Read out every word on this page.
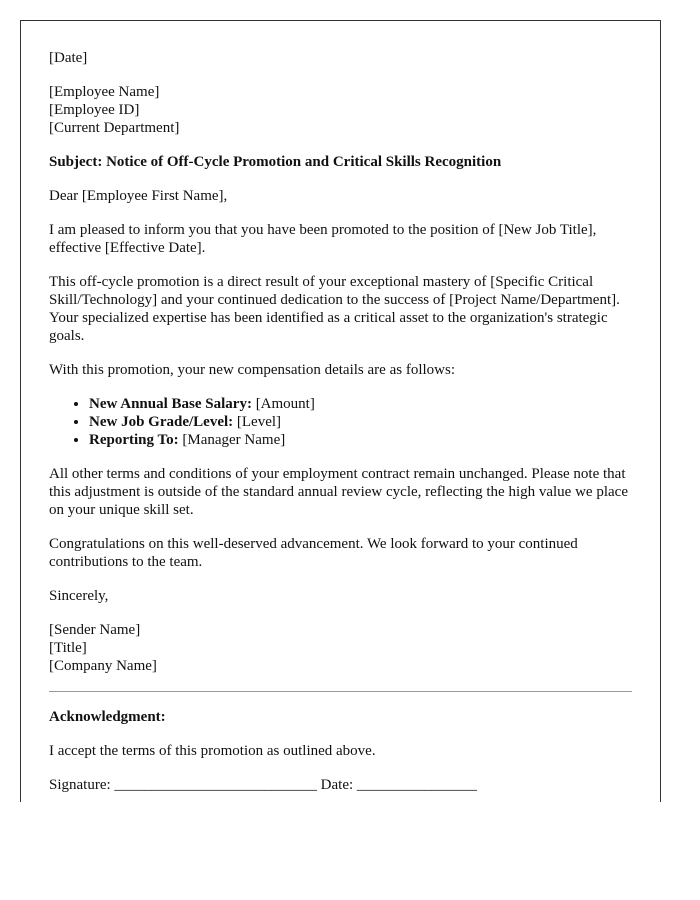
[Date]

[Employee Name]

[Employee ID]

[Current Department]

Subject: Notice of Off-Cycle Promotion and Critical Skills Recognition

Dear [Employee First Name],

I am pleased to inform you that you have been promoted to the position of [New Job Title], effective [Effective Date].

This off-cycle promotion is a direct result of your exceptional mastery of [Specific Critical Skill/Technology] and your continued dedication to the success of [Project Name/Department]. Your specialized expertise has been identified as a critical asset to the organization's strategic goals.

With this promotion, your new compensation details are as follows:

• New Annual Base Salary: [Amount]
• New Job Grade/Level: [Level]
• Reporting To: [Manager Name]

All other terms and conditions of your employment contract remain unchanged. Please note that this adjustment is outside of the standard annual review cycle, reflecting the high value we place on your unique skill set.

Congratulations on this well-deserved advancement. We look forward to your continued contributions to the team.

Sincerely,

[Sender Name]

[Title]

[Company Name]

Acknowledgment:

I accept the terms of this promotion as outlined above.

Signature: ___________________________ Date: ________________
